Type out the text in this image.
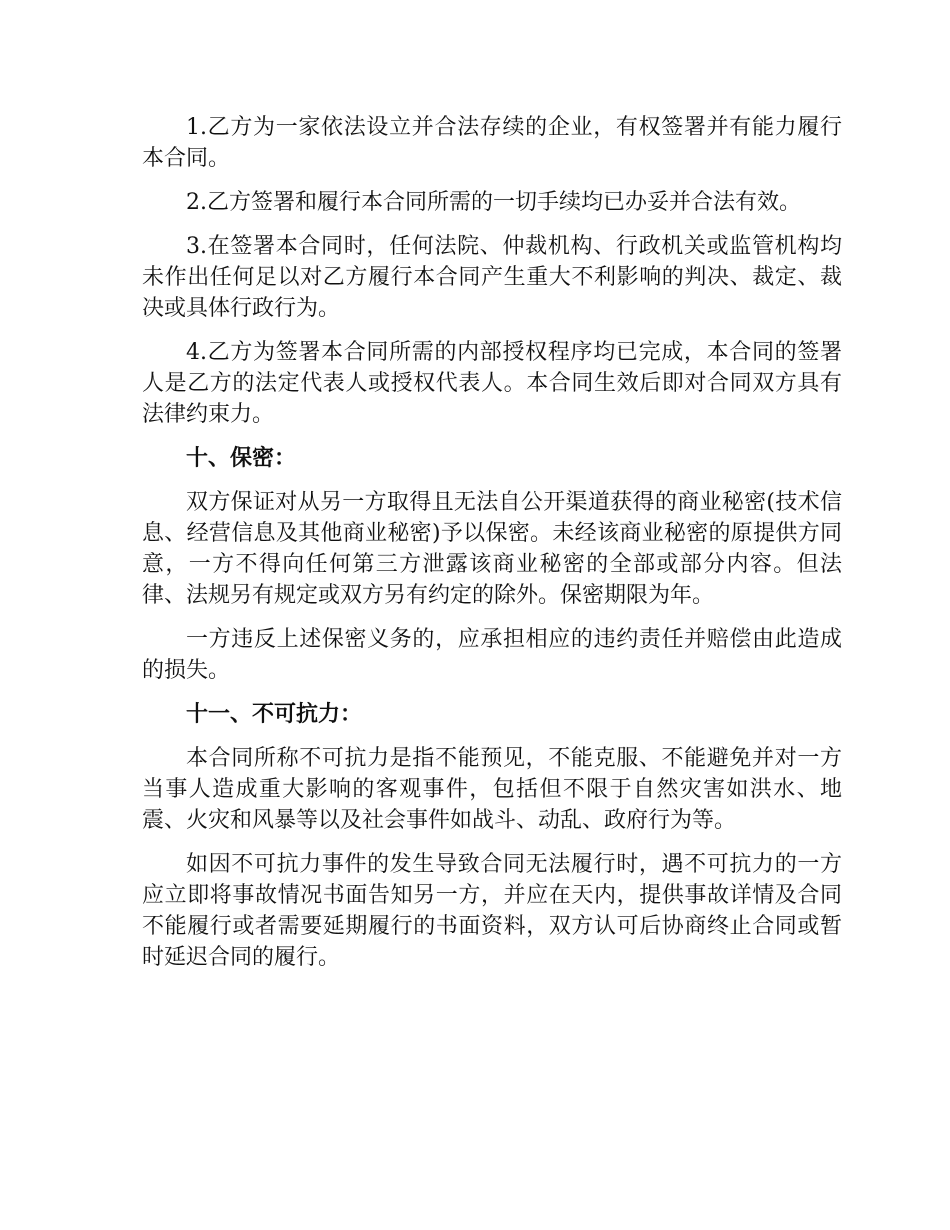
1.乙方为一家依法设立并合法存续的企业，有权签署并有能力履行本合同。

2.乙方签署和履行本合同所需的一切手续均已办妥并合法有效。

3.在签署本合同时，任何法院、仲裁机构、行政机关或监管机构均未作出任何足以对乙方履行本合同产生重大不利影响的判决、裁定、裁决或具体行政行为。

4.乙方为签署本合同所需的内部授权程序均已完成，本合同的签署人是乙方的法定代表人或授权代表人。本合同生效后即对合同双方具有法律约束力。

十、保密：

双方保证对从另一方取得且无法自公开渠道获得的商业秘密(技术信息、经营信息及其他商业秘密)予以保密。未经该商业秘密的原提供方同意，一方不得向任何第三方泄露该商业秘密的全部或部分内容。但法律、法规另有规定或双方另有约定的除外。保密期限为年。

一方违反上述保密义务的，应承担相应的违约责任并赔偿由此造成的损失。

十一、不可抗力：

本合同所称不可抗力是指不能预见，不能克服、不能避免并对一方当事人造成重大影响的客观事件，包括但不限于自然灾害如洪水、地震、火灾和风暴等以及社会事件如战斗、动乱、政府行为等。

如因不可抗力事件的发生导致合同无法履行时，遇不可抗力的一方应立即将事故情况书面告知另一方，并应在天内，提供事故详情及合同不能履行或者需要延期履行的书面资料，双方认可后协商终止合同或暂时延迟合同的履行。
